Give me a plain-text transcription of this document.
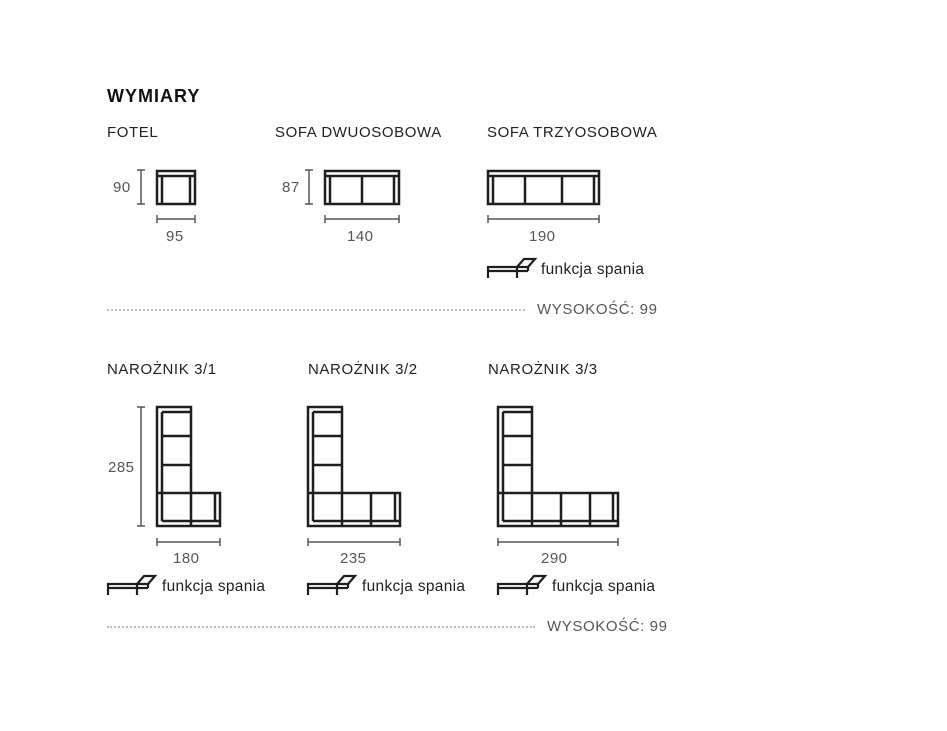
WYMIARY
FOTEL	SOFA DWUOSOBOWA	SOFA TRZYOSOBOWA
90
95
87
140	190
funkcja spania
WYSOKOŚĆ: 99
NAROŻNIK 3/1	NAROŻNIK 3/2	NAROŻNIK 3/3
285
180	235	290
funkcja spania	funkcja spania	funkcja spania
WYSOKOŚĆ: 99
